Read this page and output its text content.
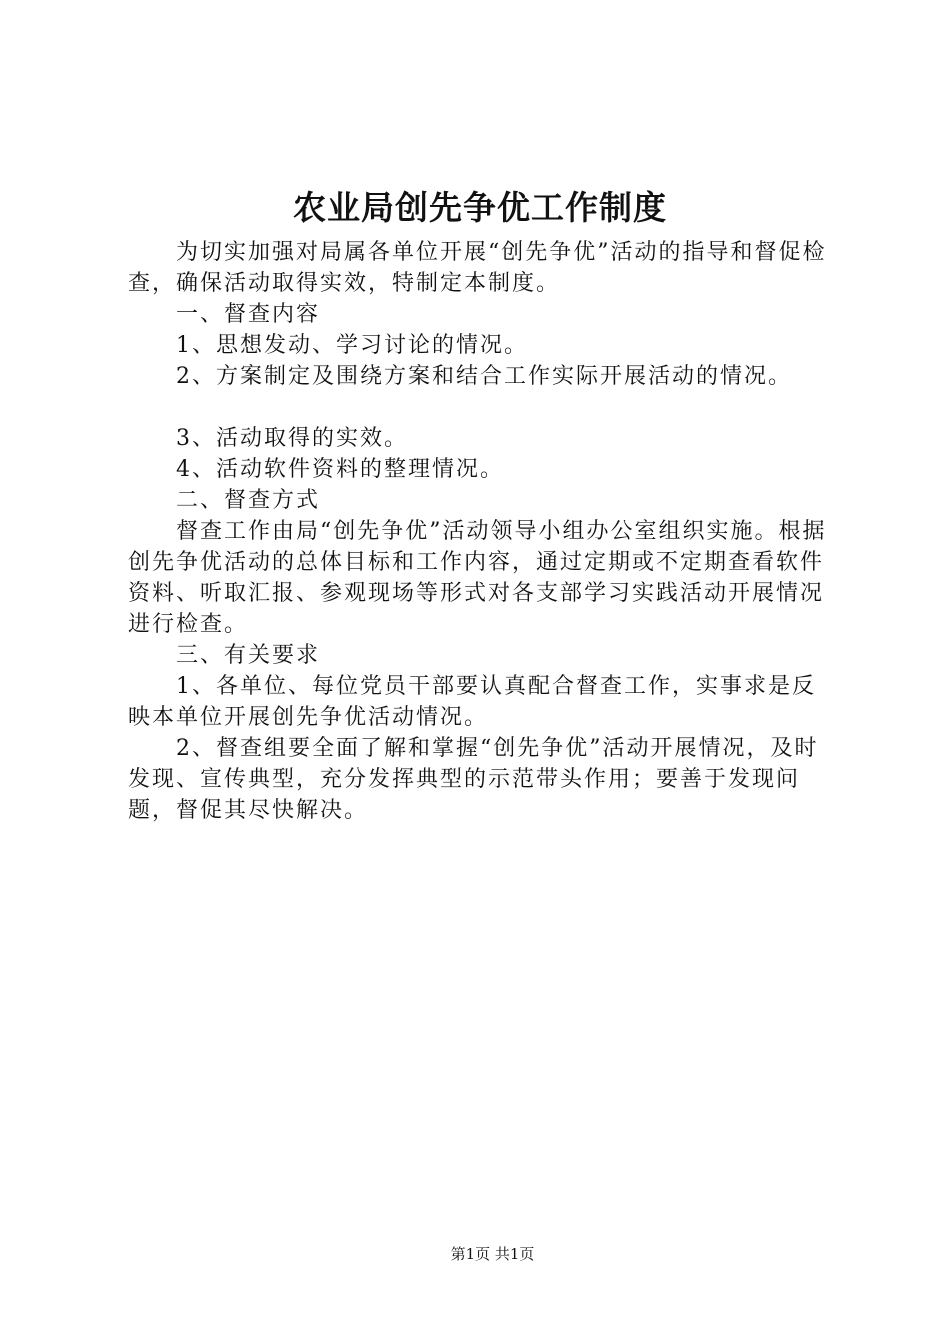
农业局创先争优工作制度

为切实加强对局属各单位开展“创先争优”活动的指导和督促检查，确保活动取得实效，特制定本制度。

一、督查内容

1、思想发动、学习讨论的情况。

2、方案制定及围绕方案和结合工作实际开展活动的情况。

3、活动取得的实效。

4、活动软件资料的整理情况。

二、督查方式

督查工作由局“创先争优”活动领导小组办公室组织实施。根据创先争优活动的总体目标和工作内容，通过定期或不定期查看软件资料、听取汇报、参观现场等形式对各支部学习实践活动开展情况进行检查。

三、有关要求

1、各单位、每位党员干部要认真配合督查工作，实事求是反映本单位开展创先争优活动情况。

2、督查组要全面了解和掌握“创先争优”活动开展情况，及时发现、宣传典型，充分发挥典型的示范带头作用；要善于发现问题，督促其尽快解决。

第1页 共1页
